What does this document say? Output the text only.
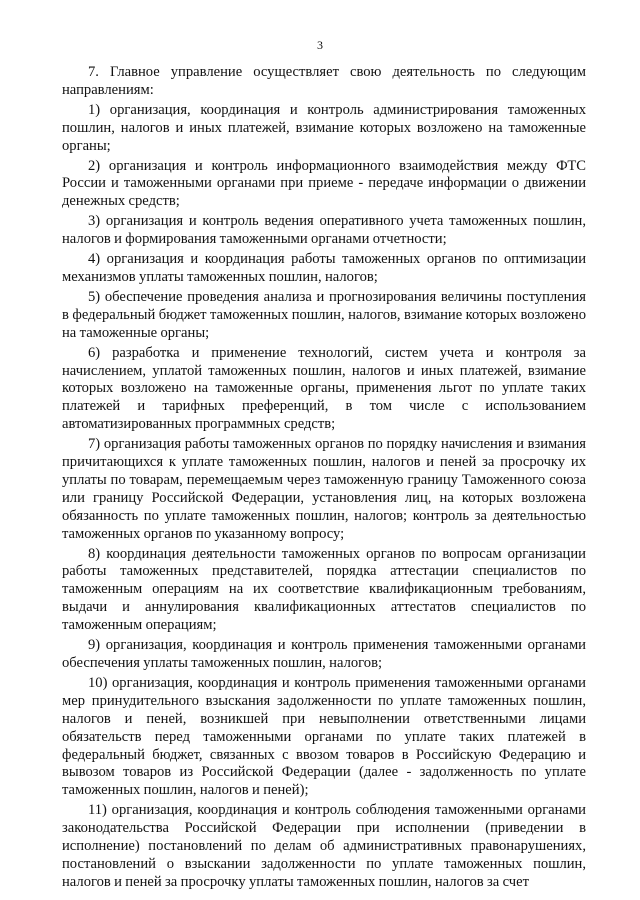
3

7. Главное управление осуществляет свою деятельность по следующим направлениям:

1) организация, координация и контроль администрирования таможенных пошлин, налогов и иных платежей, взимание которых возложено на таможенные органы;

2) организация и контроль информационного взаимодействия между ФТС России и таможенными органами при приеме - передаче информации о движении денежных средств;

3) организация и контроль ведения оперативного учета таможенных пошлин, налогов и формирования таможенными органами отчетности;

4) организация и координация работы таможенных органов по оптимизации механизмов уплаты таможенных пошлин, налогов;

5) обеспечение проведения анализа и прогнозирования величины поступления в федеральный бюджет таможенных пошлин, налогов, взимание которых возложено на таможенные органы;

6) разработка и применение технологий, систем учета и контроля за начислением, уплатой таможенных пошлин, налогов и иных платежей, взимание которых возложено на таможенные органы, применения льгот по уплате таких платежей и тарифных преференций, в том числе с использованием автоматизированных программных средств;

7) организация работы таможенных органов по порядку начисления и взимания причитающихся к уплате таможенных пошлин, налогов и пеней за просрочку их уплаты по товарам, перемещаемым через таможенную границу Таможенного союза или границу Российской Федерации, установления лиц, на которых возложена обязанность по уплате таможенных пошлин, налогов; контроль за деятельностью таможенных органов по указанному вопросу;

8) координация деятельности таможенных органов по вопросам организации работы таможенных представителей, порядка аттестации специалистов по таможенным операциям на их соответствие квалификационным требованиям, выдачи и аннулирования квалификационных аттестатов специалистов по таможенным операциям;

9) организация, координация и контроль применения таможенными органами обеспечения уплаты таможенных пошлин, налогов;

10) организация, координация и контроль применения таможенными органами мер принудительного взыскания задолженности по уплате таможенных пошлин, налогов и пеней, возникшей при невыполнении ответственными лицами обязательств перед таможенными органами по уплате таких платежей в федеральный бюджет, связанных с ввозом товаров в Российскую Федерацию и вывозом товаров из Российской Федерации (далее - задолженность по уплате таможенных пошлин, налогов и пеней);

11) организация, координация и контроль соблюдения таможенными органами законодательства Российской Федерации при исполнении (приведении в исполнение) постановлений по делам об административных правонарушениях, постановлений о взыскании задолженности по уплате таможенных пошлин, налогов и пеней за просрочку уплаты таможенных пошлин, налогов за счет
